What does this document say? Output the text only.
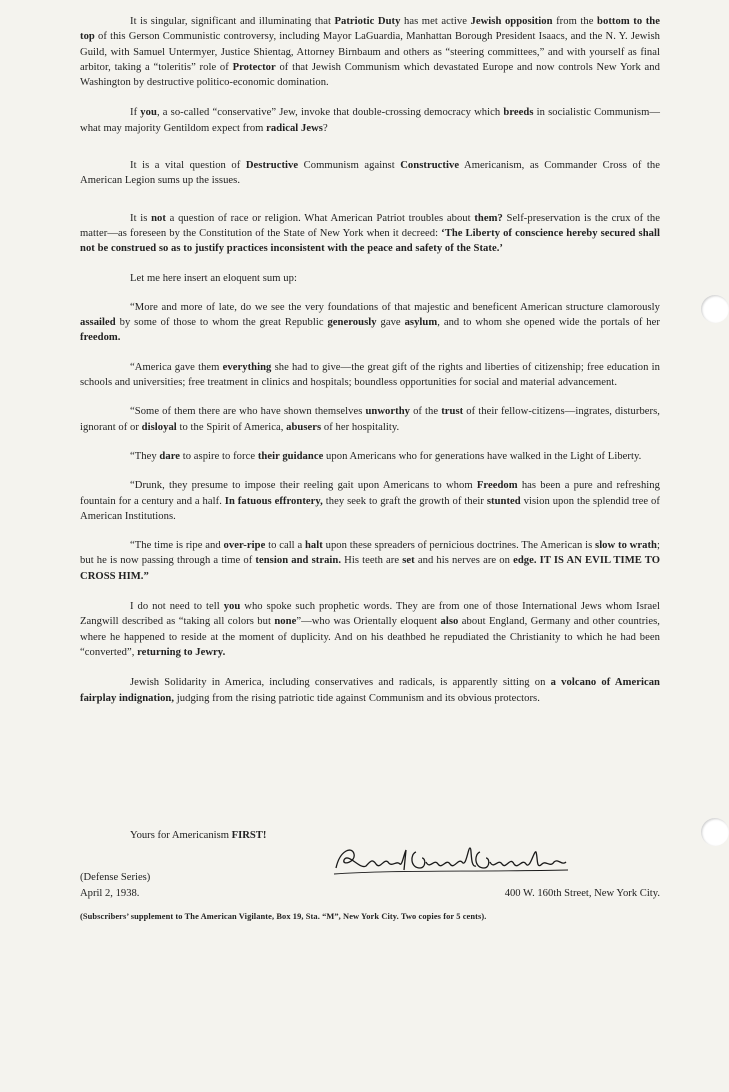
It is singular, significant and illuminating that Patriotic Duty has met active Jewish opposition from the bottom to the top of this Gerson Communistic controversy, including Mayor LaGuardia, Manhattan Borough President Isaacs, and the N. Y. Jewish Guild, with Samuel Untermyer, Justice Shientag, Attorney Birnbaum and others as “steering committees,” and with yourself as final arbitor, taking a “toleritis” role of Protector of that Jewish Communism which devastated Europe and now controls New York and Washington by destructive politico-economic domination.

If you, a so-called “conservative” Jew, invoke that double-crossing democracy which breeds in socialistic Communism—what may majority Gentildom expect from radical Jews?

It is a vital question of Destructive Communism against Constructive Americanism, as Commander Cross of the American Legion sums up the issues.

It is not a question of race or religion. What American Patriot troubles about them? Self-preservation is the crux of the matter—as foreseen by the Constitution of the State of New York when it decreed: ‘The Liberty of conscience hereby secured shall not be construed so as to justify practices inconsistent with the peace and safety of the State.’

Let me here insert an eloquent sum up:

“More and more of late, do we see the very foundations of that majestic and beneficent American structure clamorously assailed by some of those to whom the great Republic generously gave asylum, and to whom she opened wide the portals of her freedom.

“America gave them everything she had to give—the great gift of the rights and liberties of citizenship; free education in schools and universities; free treatment in clinics and hospitals; boundless opportunities for social and material advancement.

“Some of them there are who have shown themselves unworthy of the trust of their fellow-citizens—ingrates, disturbers, ignorant of or disloyal to the Spirit of America, abusers of her hospitality.

“They dare to aspire to force their guidance upon Americans who for generations have walked in the Light of Liberty.

“Drunk, they presume to impose their reeling gait upon Americans to whom Freedom has been a pure and refreshing fountain for a century and a half. In fatuous effrontery, they seek to graft the growth of their stunted vision upon the splendid tree of American Institutions.

“The time is ripe and over-ripe to call a halt upon these spreaders of pernicious doctrines. The American is slow to wrath; but he is now passing through a time of tension and strain. His teeth are set and his nerves are on edge. IT IS AN EVIL TIME TO CROSS HIM.”

I do not need to tell you who spoke such prophetic words. They are from one of those International Jews whom Israel Zangwill described as “taking all colors but none”—who was Orientally eloquent also about England, Germany and other countries, where he happened to reside at the moment of duplicity. And on his deathbed he repudiated the Christianity to which he had been “converted”, returning to Jewry.

Jewish Solidarity in America, including conservatives and radicals, is apparently sitting on a volcano of American fairplay indignation, judging from the rising patriotic tide against Communism and its obvious protectors.

Yours for Americanism FIRST!
(Defense Series)
April 2, 1938.	400 W. 160th Street, New York City.
(Subscribers’ supplement to The American Vigilante, Box 19, Sta. “M”, New York City. Two copies for 5 cents).
